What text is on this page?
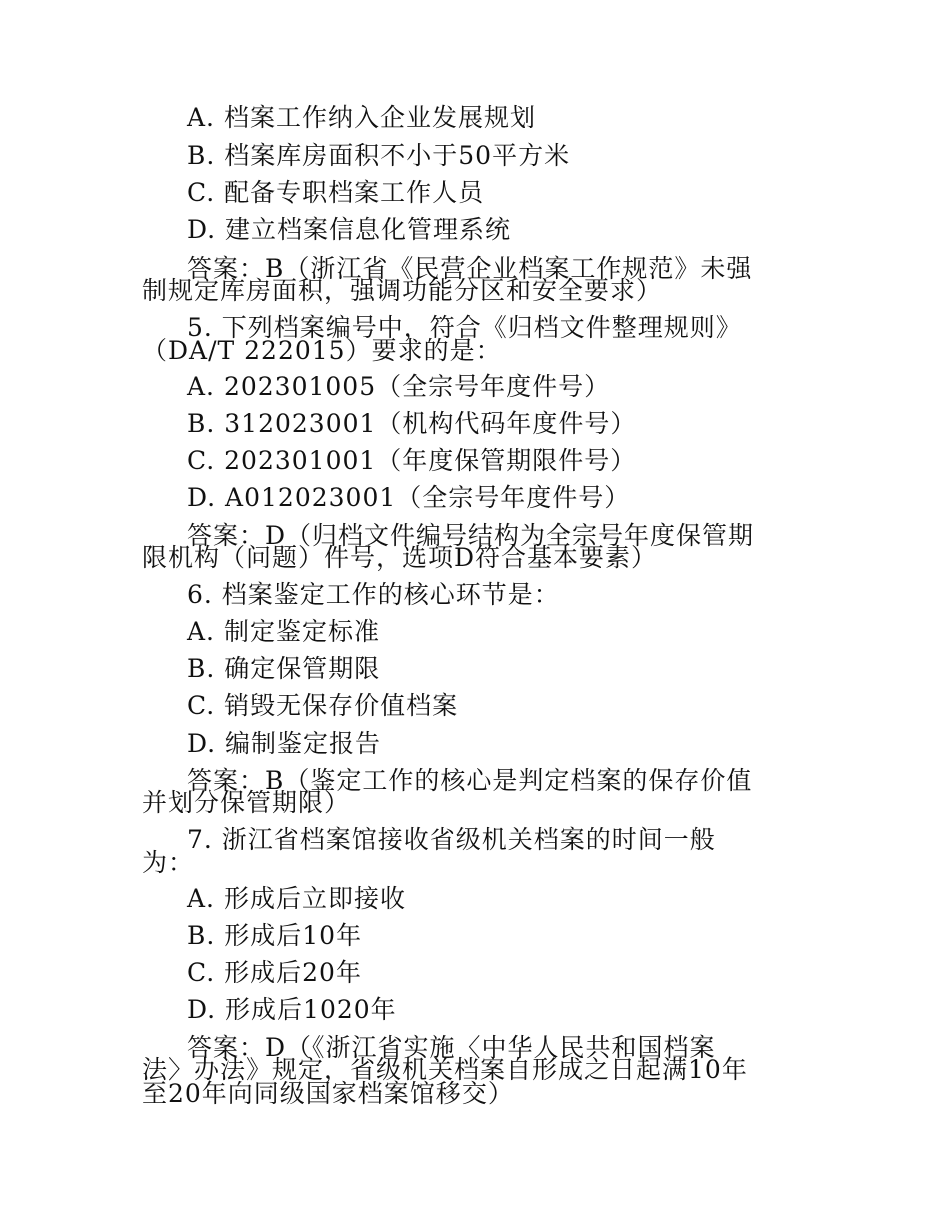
A. 档案工作纳入企业发展规划
B. 档案库房面积不小于50平方米
C. 配备专职档案工作人员
D. 建立档案信息化管理系统
答案：B（浙江省《民营企业档案工作规范》未强
制规定库房面积，强调功能分区和安全要求）
5. 下列档案编号中，符合《归档文件整理规则》
（DA/T 222015）要求的是：
A. 202301005（全宗号年度件号）
B. 312023001（机构代码年度件号）
C. 202301001（年度保管期限件号）
D. A012023001（全宗号年度件号）
答案：D（归档文件编号结构为全宗号年度保管期
限机构（问题）件号，选项D符合基本要素）
6. 档案鉴定工作的核心环节是：
A. 制定鉴定标准
B. 确定保管期限
C. 销毁无保存价值档案
D. 编制鉴定报告
答案：B（鉴定工作的核心是判定档案的保存价值
并划分保管期限）
7. 浙江省档案馆接收省级机关档案的时间一般
为：
A. 形成后立即接收
B. 形成后10年
C. 形成后20年
D. 形成后1020年
答案：D（《浙江省实施〈中华人民共和国档案
法〉办法》规定，省级机关档案自形成之日起满10年
至20年向同级国家档案馆移交）
